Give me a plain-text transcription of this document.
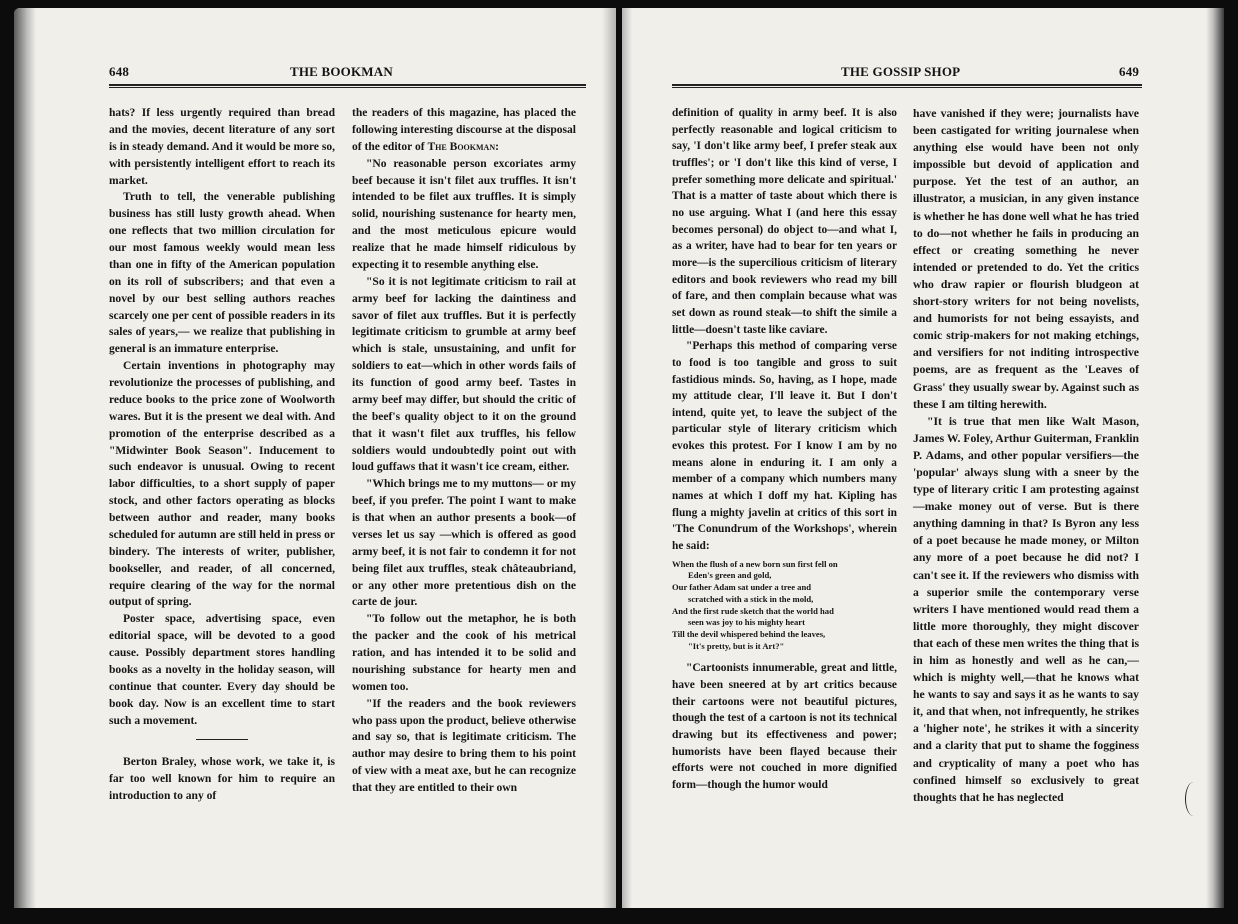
648	THE BOOKMAN

hats? If less urgently required than bread and the movies, decent literature of any sort is in steady demand. And it would be more so, with persistently intelligent effort to reach its market.

Truth to tell, the venerable publishing business has still lusty growth ahead. When one reflects that two million circulation for our most famous weekly would mean less than one in fifty of the American population on its roll of subscribers; and that even a novel by our best selling authors reaches scarcely one per cent of possible readers in its sales of years,— we realize that publishing in general is an immature enterprise.

Certain inventions in photography may revolutionize the processes of publishing, and reduce books to the price zone of Woolworth wares. But it is the present we deal with. And promotion of the enterprise described as a "Midwinter Book Season". Inducement to such endeavor is unusual. Owing to recent labor difficulties, to a short supply of paper stock, and other factors operating as blocks between author and reader, many books scheduled for autumn are still held in press or bindery. The interests of writer, publisher, bookseller, and reader, of all concerned, require clearing of the way for the normal output of spring.

Poster space, advertising space, even editorial space, will be devoted to a good cause. Possibly department stores handling books as a novelty in the holiday season, will continue that counter. Every day should be book day. Now is an excellent time to start such a movement.

Berton Braley, whose work, we take it, is far too well known for him to require an introduction to any of

the readers of this magazine, has placed the following interesting discourse at the disposal of the editor of The Bookman:

"No reasonable person excoriates army beef because it isn't filet aux truffles. It isn't intended to be filet aux truffles. It is simply solid, nourishing sustenance for hearty men, and the most meticulous epicure would realize that he made himself ridiculous by expecting it to resemble anything else.

"So it is not legitimate criticism to rail at army beef for lacking the daintiness and savor of filet aux truffles. But it is perfectly legitimate criticism to grumble at army beef which is stale, unsustaining, and unfit for soldiers to eat—which in other words fails of its function of good army beef. Tastes in army beef may differ, but should the critic of the beef's quality object to it on the ground that it wasn't filet aux truffles, his fellow soldiers would undoubtedly point out with loud guffaws that it wasn't ice cream, either.

"Which brings me to my muttons— or my beef, if you prefer. The point I want to make is that when an author presents a book—of verses let us say —which is offered as good army beef, it is not fair to condemn it for not being filet aux truffles, steak châteaubriand, or any other more pretentious dish on the carte de jour.

"To follow out the metaphor, he is both the packer and the cook of his metrical ration, and has intended it to be solid and nourishing substance for hearty men and women too.

"If the readers and the book reviewers who pass upon the product, believe otherwise and say so, that is legitimate criticism. The author may desire to bring them to his point of view with a meat axe, but he can recognize that they are entitled to their own

THE GOSSIP SHOP	649

definition of quality in army beef. It is also perfectly reasonable and logical criticism to say, 'I don't like army beef, I prefer steak aux truffles'; or 'I don't like this kind of verse, I prefer something more delicate and spiritual.' That is a matter of taste about which there is no use arguing. What I (and here this essay becomes personal) do object to—and what I, as a writer, have had to bear for ten years or more—is the supercilious criticism of literary editors and book reviewers who read my bill of fare, and then complain because what was set down as round steak—to shift the simile a little—doesn't taste like caviare.

"Perhaps this method of comparing verse to food is too tangible and gross to suit fastidious minds. So, having, as I hope, made my attitude clear, I'll leave it. But I don't intend, quite yet, to leave the subject of the particular style of literary criticism which evokes this protest. For I know I am by no means alone in enduring it. I am only a member of a company which numbers many names at which I doff my hat. Kipling has flung a mighty javelin at critics of this sort in 'The Conundrum of the Workshops', wherein he said:

When the flush of a new born sun first fell on
Eden's green and gold,
Our father Adam sat under a tree and
scratched with a stick in the mold,
And the first rude sketch that the world had
seen was joy to his mighty heart
Till the devil whispered behind the leaves,
"It's pretty, but is it Art?"

"Cartoonists innumerable, great and little, have been sneered at by art critics because their cartoons were not beautiful pictures, though the test of a cartoon is not its technical drawing but its effectiveness and power; humorists have been flayed because their efforts were not couched in more dignified form—though the humor would

have vanished if they were; journalists have been castigated for writing journalese when anything else would have been not only impossible but devoid of application and purpose. Yet the test of an author, an illustrator, a musician, in any given instance is whether he has done well what he has tried to do—not whether he fails in producing an effect or creating something he never intended or pretended to do. Yet the critics who draw rapier or flourish bludgeon at short-story writers for not being novelists, and humorists for not being essayists, and comic strip-makers for not making etchings, and versifiers for not inditing introspective poems, are as frequent as the 'Leaves of Grass' they usually swear by. Against such as these I am tilting herewith.

"It is true that men like Walt Mason, James W. Foley, Arthur Guiterman, Franklin P. Adams, and other popular versifiers—the 'popular' always slung with a sneer by the type of literary critic I am protesting against —make money out of verse. But is there anything damning in that? Is Byron any less of a poet because he made money, or Milton any more of a poet because he did not? I can't see it. If the reviewers who dismiss with a superior smile the contemporary verse writers I have mentioned would read them a little more thoroughly, they might discover that each of these men writes the thing that is in him as honestly and well as he can,—which is mighty well,—that he knows what he wants to say and says it as he wants to say it, and that when, not infrequently, he strikes a 'higher note', he strikes it with a sincerity and a clarity that put to shame the fogginess and crypticality of many a poet who has confined himself so exclusively to great thoughts that he has neglected
